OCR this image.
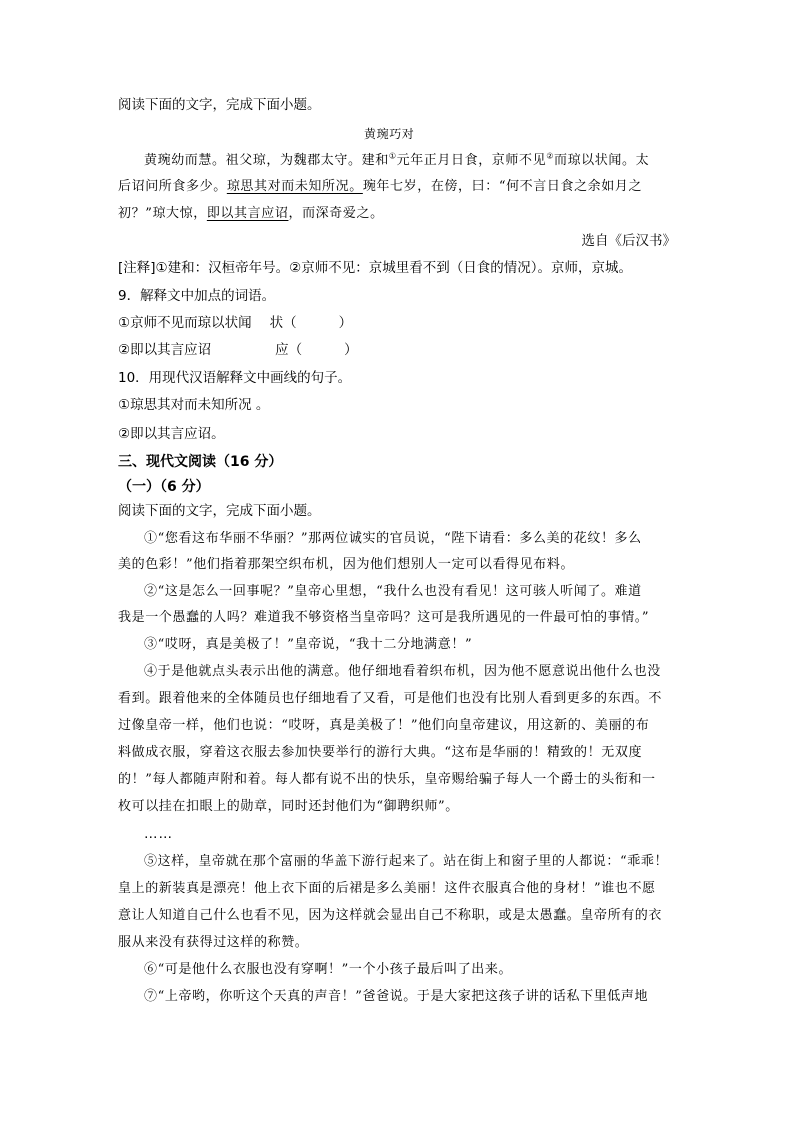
阅读下面的文字，完成下面小题。
黄琬巧对
黄琬幼而慧。祖父琼，为魏郡太守。建和①元年正月日食，京师不见②而琼以状闻。太
后诏问所食多少。琼思其对而未知所况。琬年七岁，在傍，曰：“何不言日食之余如月之
初？”琼大惊，即以其言应诏，而深奇爱之。
选自《后汉书》
[注释]①建和：汉桓帝年号。②京师不见：京城里看不到（日食的情况）。京师，京城。
9．解释文中加点的词语。
①京师不见而琼以状闻 状（	）
②即以其言应诏	应（	）
10．用现代汉语解释文中画线的句子。
①琼思其对而未知所况 。
②即以其言应诏。
三、现代文阅读（16 分）
（一）（6 分）
阅读下面的文字，完成下面小题。
①“您看这布华丽不华丽？”那两位诚实的官员说，“陛下请看：多么美的花纹！多么
美的色彩！”他们指着那架空织布机，因为他们想别人一定可以看得见布料。
②“这是怎么一回事呢？”皇帝心里想，“我什么也没有看见！这可骇人听闻了。难道
我是一个愚蠢的人吗？难道我不够资格当皇帝吗？这可是我所遇见的一件最可怕的事情。”
③“哎呀，真是美极了！”皇帝说，“我十二分地满意！”
④于是他就点头表示出他的满意。他仔细地看着织布机，因为他不愿意说出他什么也没
看到。跟着他来的全体随员也仔细地看了又看，可是他们也没有比别人看到更多的东西。不
过像皇帝一样，他们也说：“哎呀，真是美极了！”他们向皇帝建议，用这新的、美丽的布
料做成衣服，穿着这衣服去参加快要举行的游行大典。“这布是华丽的！精致的！无双度
的！”每人都随声附和着。每人都有说不出的快乐，皇帝赐给骗子每人一个爵士的头衔和一
枚可以挂在扣眼上的勋章，同时还封他们为“御聘织师”。
……
⑤这样，皇帝就在那个富丽的华盖下游行起来了。站在街上和窗子里的人都说：“乖乖！
皇上的新装真是漂亮！他上衣下面的后裙是多么美丽！这件衣服真合他的身材！”谁也不愿
意让人知道自己什么也看不见，因为这样就会显出自己不称职，或是太愚蠢。皇帝所有的衣
服从来没有获得过这样的称赞。
⑥“可是他什么衣服也没有穿啊！”一个小孩子最后叫了出来。
⑦“上帝哟，你听这个天真的声音！”爸爸说。于是大家把这孩子讲的话私下里低声地
